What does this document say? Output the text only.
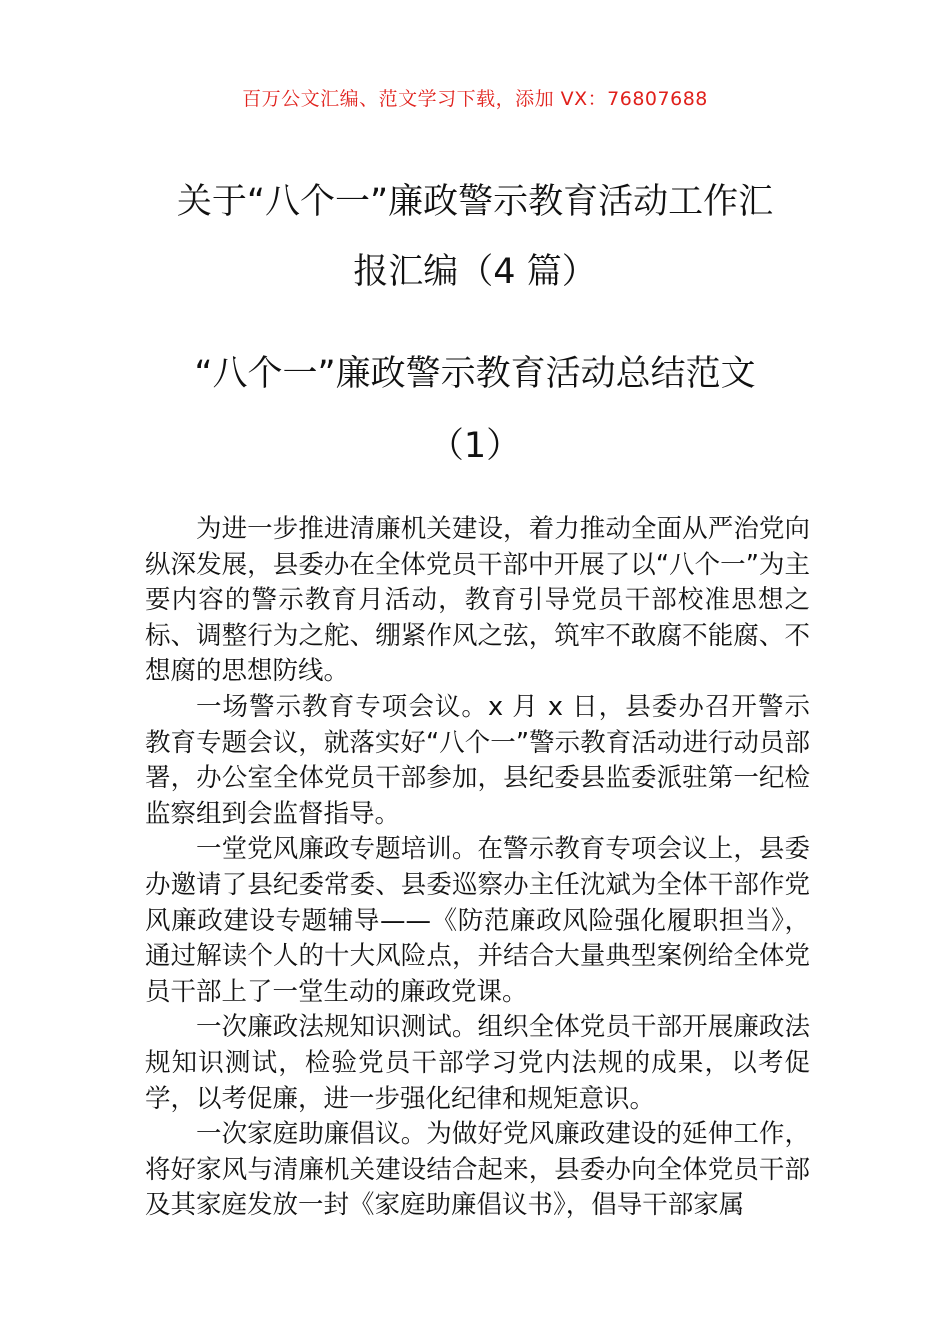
百万公文汇编、范文学习下载，添加 VX：76807688
关于“八个一”廉政警示教育活动工作汇
报汇编（4 篇）
“八个一”廉政警示教育活动总结范文
（1）

为进一步推进清廉机关建设，着力推动全面从严治党向纵深发展，县委办在全体党员干部中开展了以“八个一”为主要内容的警示教育月活动，教育引导党员干部校准思想之标、调整行为之舵、绷紧作风之弦，筑牢不敢腐不能腐、不想腐的思想防线。

一场警示教育专项会议。x 月 x 日，县委办召开警示教育专题会议，就落实好“八个一”警示教育活动进行动员部署，办公室全体党员干部参加，县纪委县监委派驻第一纪检监察组到会监督指导。

一堂党风廉政专题培训。在警示教育专项会议上，县委办邀请了县纪委常委、县委巡察办主任沈斌为全体干部作党风廉政建设专题辅导——《防范廉政风险强化履职担当》，通过解读个人的十大风险点，并结合大量典型案例给全体党员干部上了一堂生动的廉政党课。

一次廉政法规知识测试。组织全体党员干部开展廉政法规知识测试，检验党员干部学习党内法规的成果，以考促学，以考促廉，进一步强化纪律和规矩意识。

一次家庭助廉倡议。为做好党风廉政建设的延伸工作，将好家风与清廉机关建设结合起来，县委办向全体党员干部及其家庭发放一封《家庭助廉倡议书》，倡导干部家属
